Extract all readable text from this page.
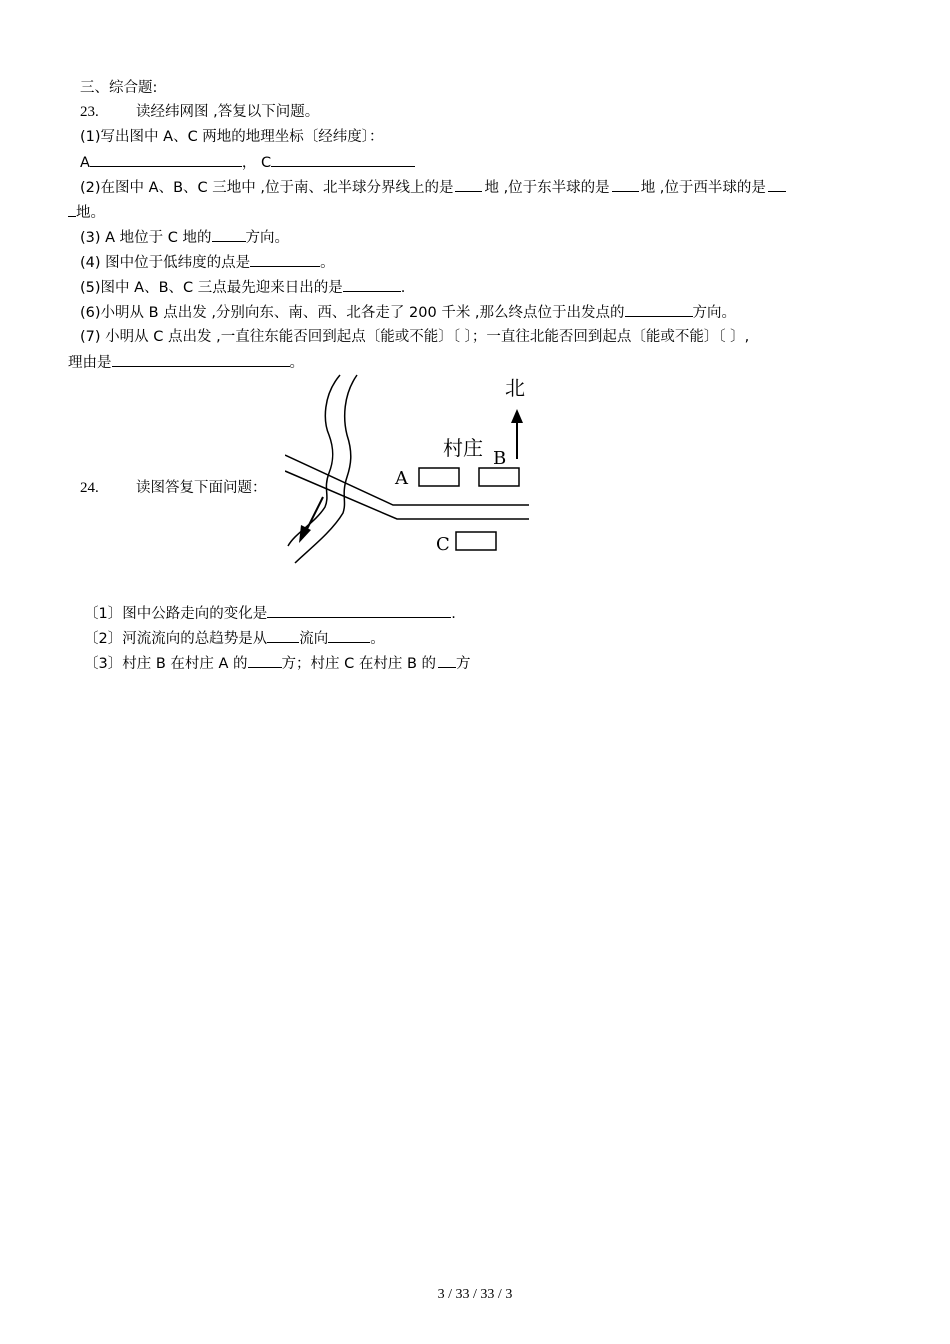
三、综合题:
23.	读经纬网图 ,答复以下问题。
(1)写出图中 A、C 两地的地理坐标〔经纬度〕：
A	， C
(2)在图中 A、B、C 三地中 ,位于南、北半球分界线上的是 地 ,位于东半球的是 地 ,位于西半球的是
地。
(3) A 地位于 C 地的 方向。
(4) 图中位于低纬度的点是	。
(5)图中 A、B、C 三点最先迎来日出的是	.
(6)小明从 B 点出发 ,分别向东、南、西、北各走了 200 千米 ,那么终点位于出发点的	方向。
(7) 小明从 C 点出发 ,一直往东能否回到起点〔能或不能〕〔 〕；一直往北能否回到起点〔能或不能〕〔 〕,
理由是	。
24.	读图答复下面问题：	A
B
C
村庄
北
〔1〕图中公路走向的变化是	.
〔2〕河流流向的总趋势是从 流向	。
〔3〕村庄 B 在村庄 A 的 方；村庄 C 在村庄 B 的 方
3 / 33 / 33 / 3
